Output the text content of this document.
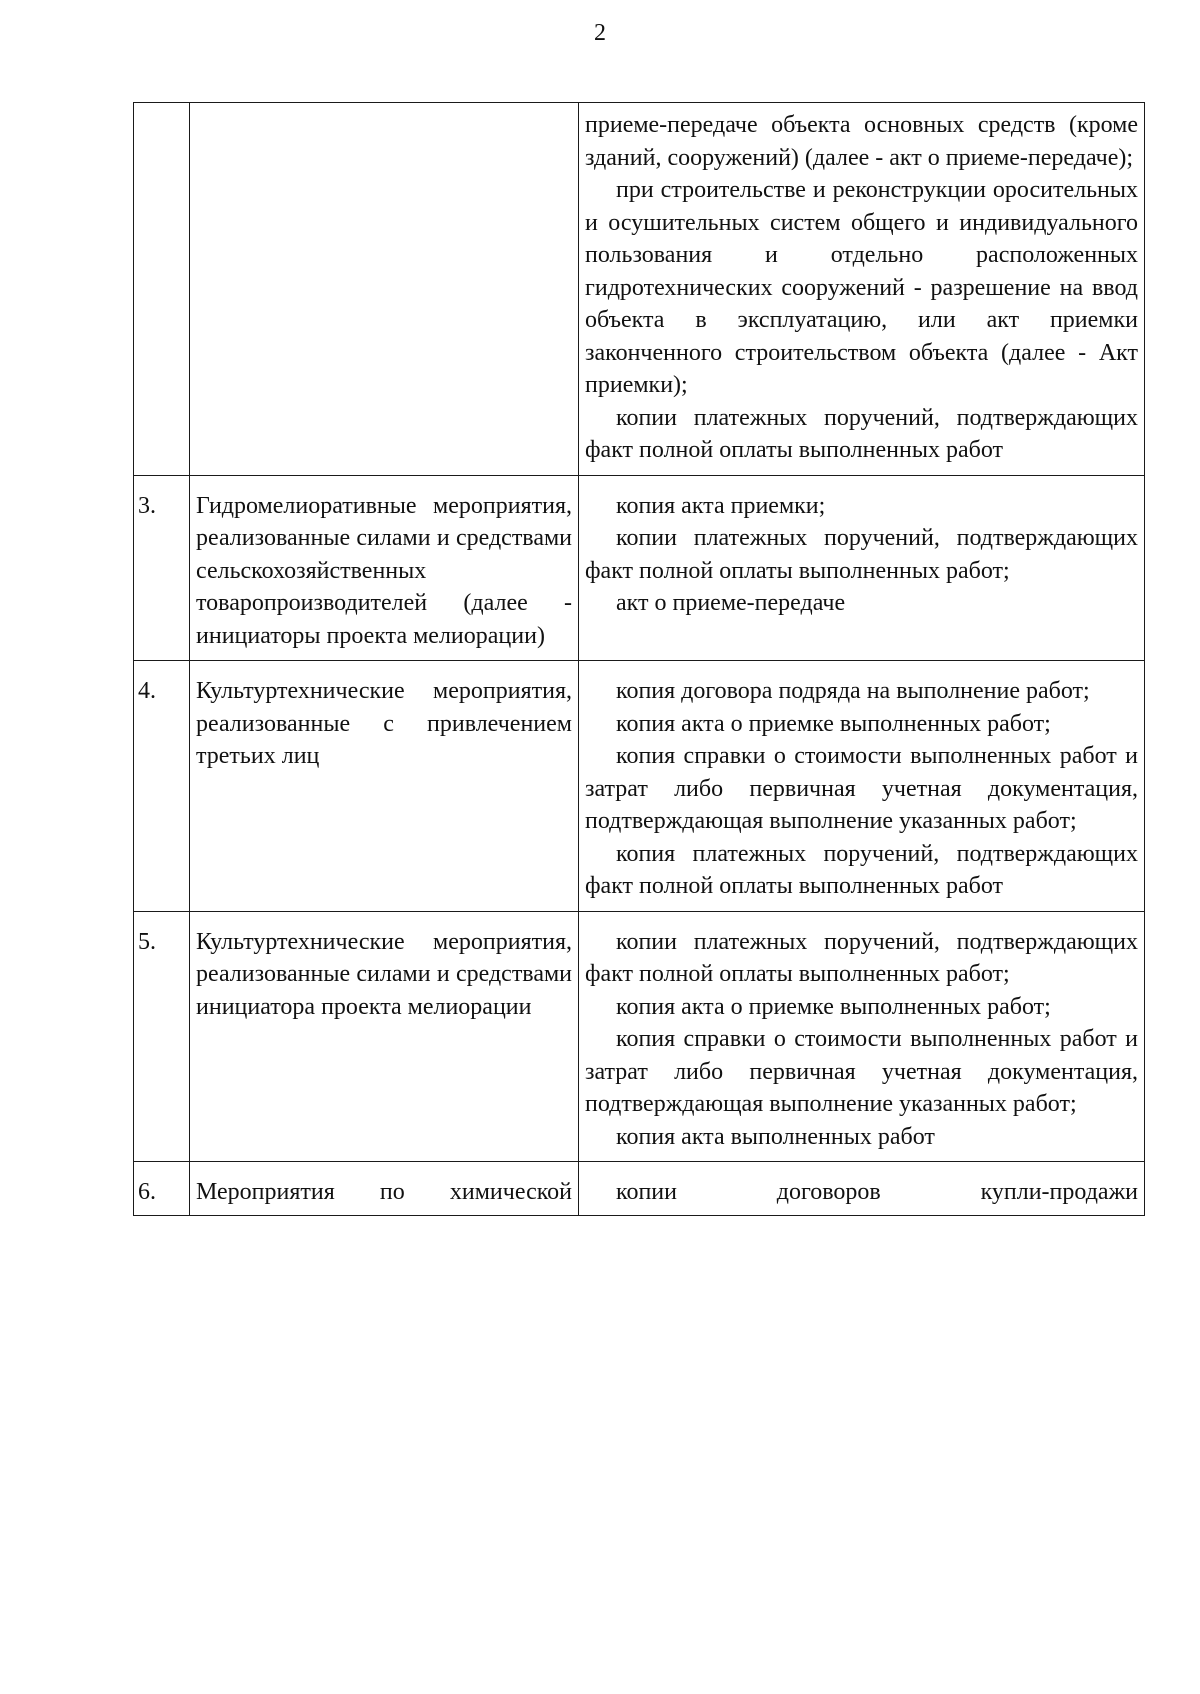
2

		приеме-передаче объекта основных средств (кроме зданий, сооружений) (далее - акт о приеме-передаче);
при строительстве и реконструкции оросительных и осушительных систем общего и индивидуального пользования и отдельно расположенных гидротехнических сооружений - разрешение на ввод объекта в эксплуатацию, или акт приемки законченного строительством объекта (далее - Акт приемки);
копии платежных поручений, подтверждающих факт полной оплаты выполненных работ

3.	Гидромелиоративные мероприятия, реализованные силами и средствами сельскохозяйственных товаропроизводителей (далее - инициаторы проекта мелиорации)	копия акта приемки;
копии платежных поручений, подтверждающих факт полной оплаты выполненных работ;
акт о приеме-передаче

4.	Культуртехнические мероприятия, реализованные с привлечением третьих лиц	копия договора подряда на выполнение работ;
копия акта о приемке выполненных работ;
копия справки о стоимости выполненных работ и затрат либо первичная учетная документация, подтверждающая выполнение указанных работ;
копия платежных поручений, подтверждающих факт полной оплаты выполненных работ

5.	Культуртехнические мероприятия, реализованные силами и средствами инициатора проекта мелиорации	копии платежных поручений, подтверждающих факт полной оплаты выполненных работ;
копия акта о приемке выполненных работ;
копия справки о стоимости выполненных работ и затрат либо первичная учетная документация, подтверждающая выполнение указанных работ;
копия акта выполненных работ

6.	Мероприятия по химической	копии договоров купли-продажи
